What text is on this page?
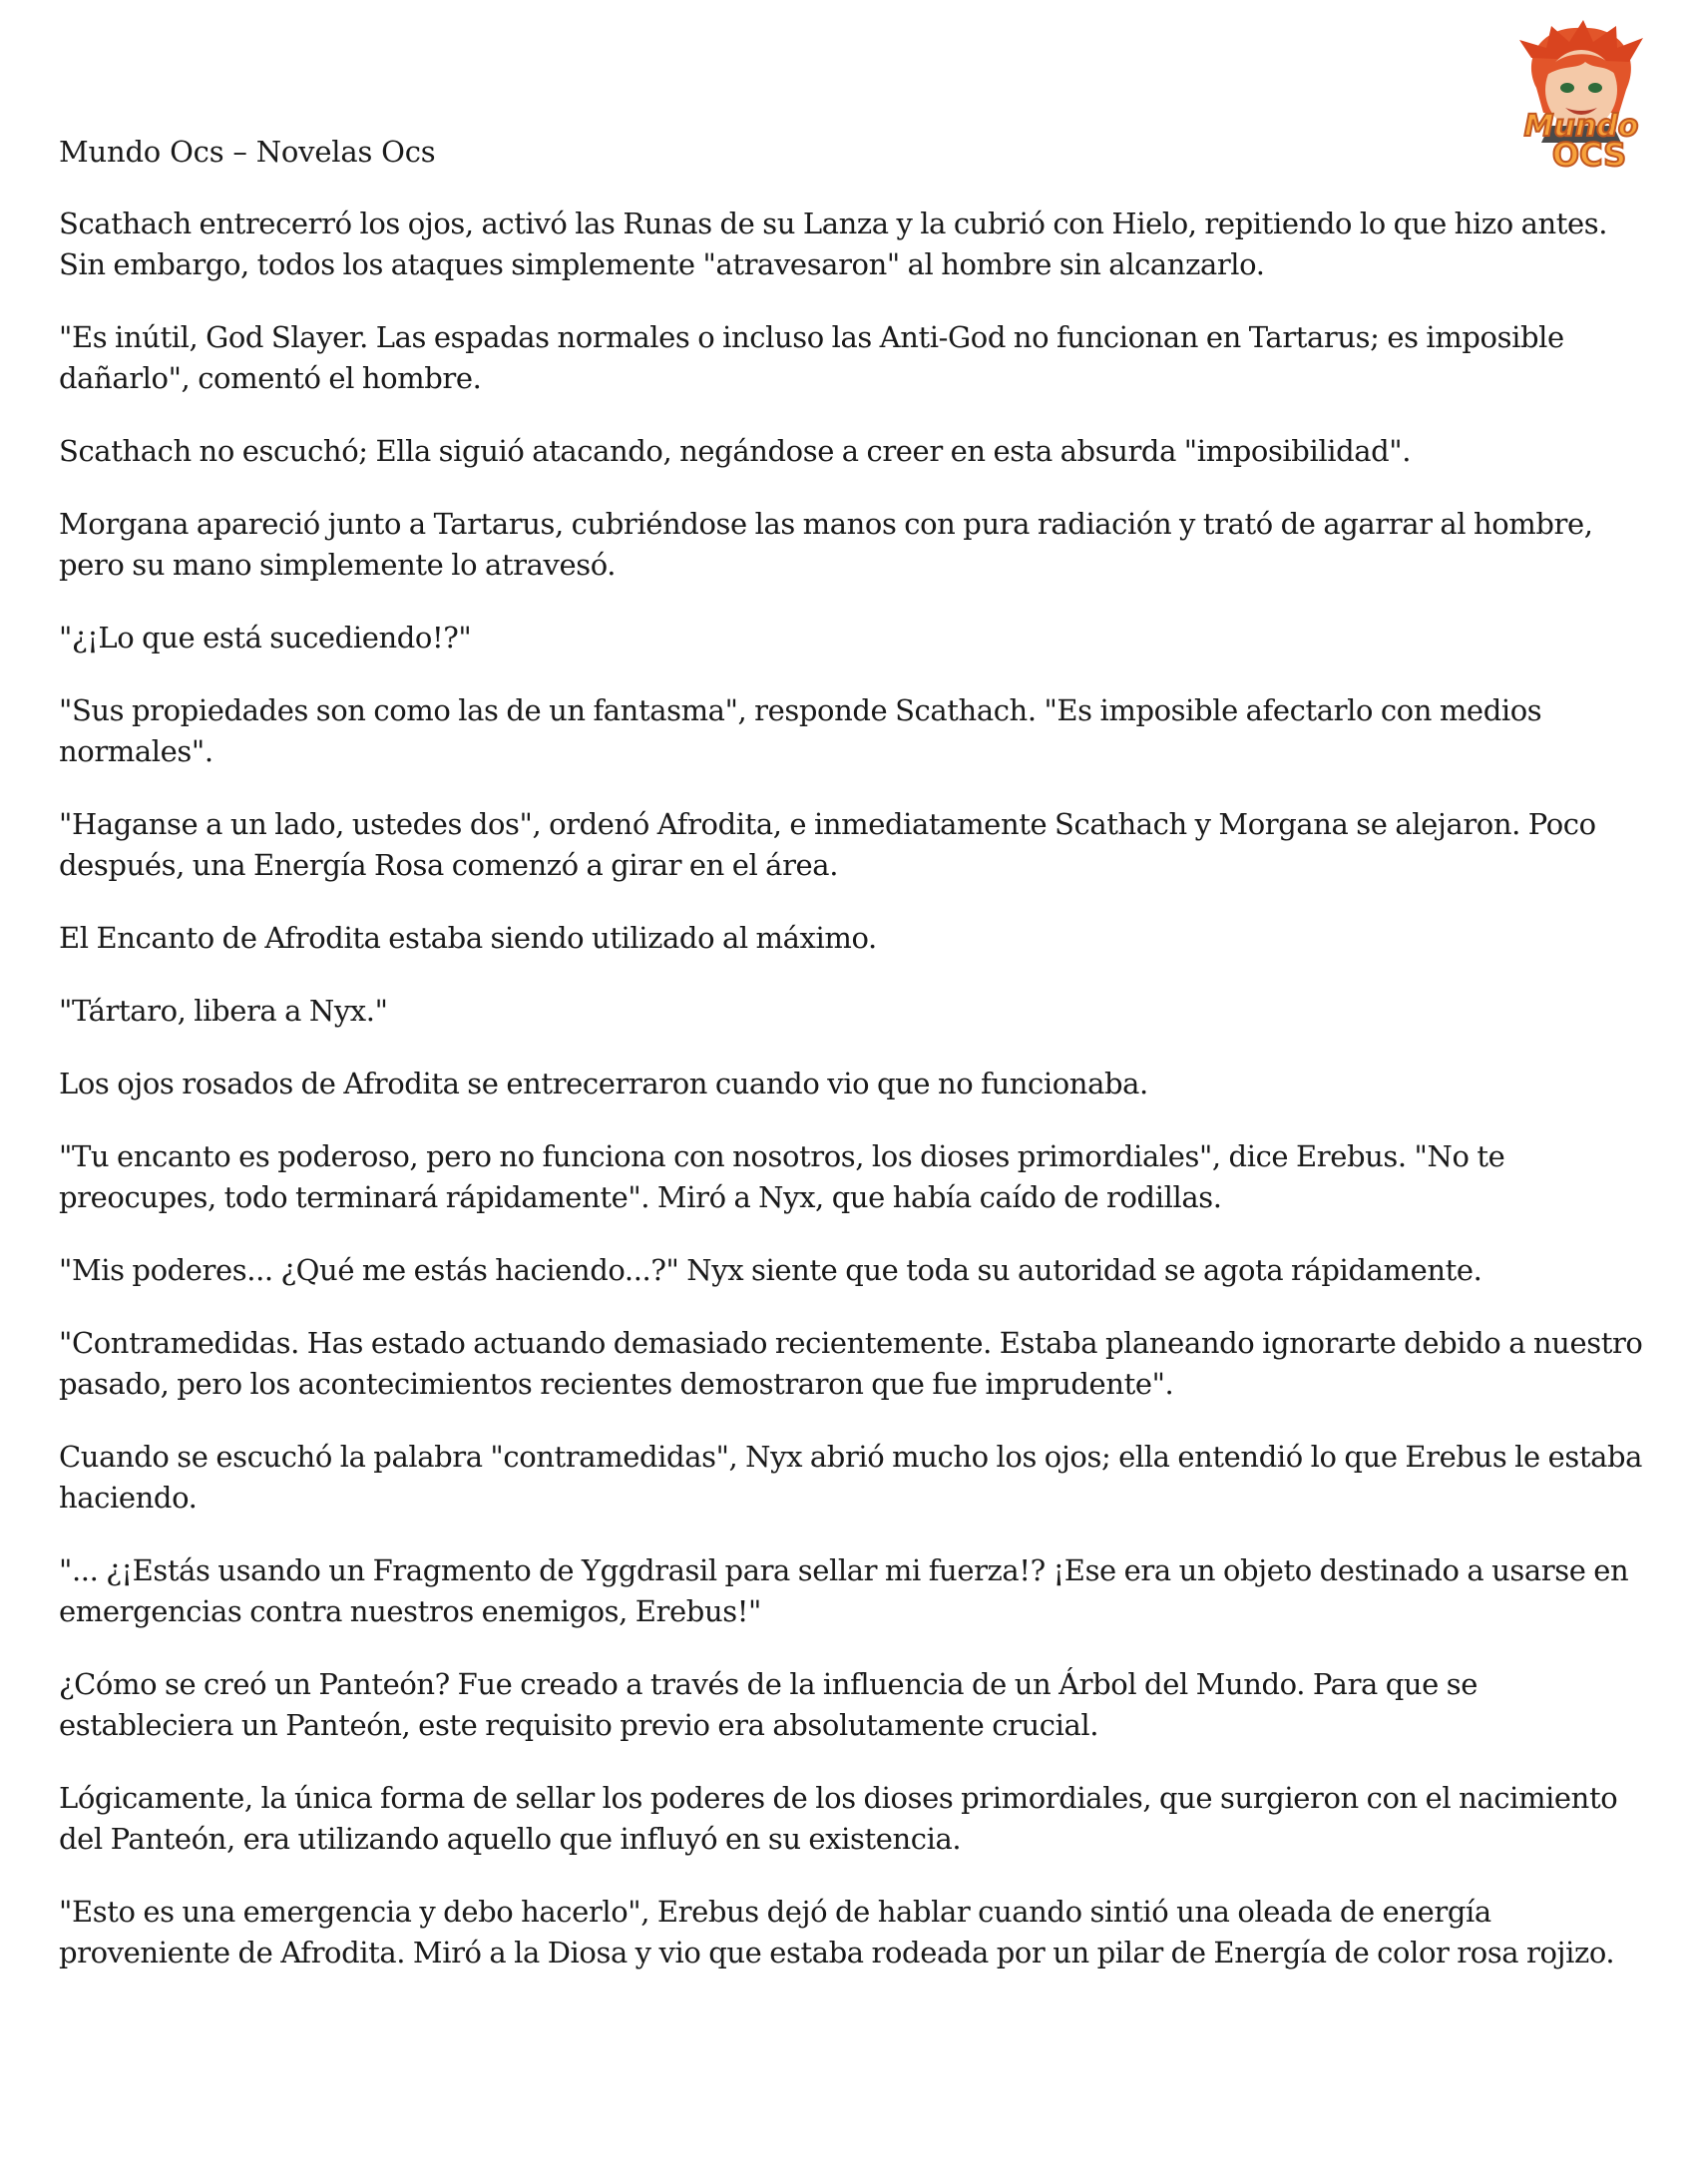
Mundo Ocs – Novelas Ocs
Mundo
OCS

Scathach entrecerró los ojos, activó las Runas de su Lanza y la cubrió con Hielo, repitiendo lo que hizo antes. Sin embargo, todos los ataques simplemente "atravesaron" al hombre sin alcanzarlo.

"Es inútil, God Slayer. Las espadas normales o incluso las Anti-God no funcionan en Tartarus; es imposible dañarlo", comentó el hombre.

Scathach no escuchó; Ella siguió atacando, negándose a creer en esta absurda "imposibilidad".

Morgana apareció junto a Tartarus, cubriéndose las manos con pura radiación y trató de agarrar al hombre, pero su mano simplemente lo atravesó.

"¿¡Lo que está sucediendo!?"

"Sus propiedades son como las de un fantasma", responde Scathach. "Es imposible afectarlo con medios normales".

"Haganse a un lado, ustedes dos", ordenó Afrodita, e inmediatamente Scathach y Morgana se alejaron. Poco después, una Energía Rosa comenzó a girar en el área.

El Encanto de Afrodita estaba siendo utilizado al máximo.

"Tártaro, libera a Nyx."

Los ojos rosados de Afrodita se entrecerraron cuando vio que no funcionaba.

"Tu encanto es poderoso, pero no funciona con nosotros, los dioses primordiales", dice Erebus. "No te preocupes, todo terminará rápidamente". Miró a Nyx, que había caído de rodillas.

"Mis poderes... ¿Qué me estás haciendo...?" Nyx siente que toda su autoridad se agota rápidamente.

"Contramedidas. Has estado actuando demasiado recientemente. Estaba planeando ignorarte debido a nuestro pasado, pero los acontecimientos recientes demostraron que fue imprudente".

Cuando se escuchó la palabra "contramedidas", Nyx abrió mucho los ojos; ella entendió lo que Erebus le estaba haciendo.

"... ¿¡Estás usando un Fragmento de Yggdrasil para sellar mi fuerza!? ¡Ese era un objeto destinado a usarse en emergencias contra nuestros enemigos, Erebus!"

¿Cómo se creó un Panteón? Fue creado a través de la influencia de un Árbol del Mundo. Para que se estableciera un Panteón, este requisito previo era absolutamente crucial.

Lógicamente, la única forma de sellar los poderes de los dioses primordiales, que surgieron con el nacimiento del Panteón, era utilizando aquello que influyó en su existencia.

"Esto es una emergencia y debo hacerlo", Erebus dejó de hablar cuando sintió una oleada de energía proveniente de Afrodita. Miró a la Diosa y vio que estaba rodeada por un pilar de Energía de color rosa rojizo.
